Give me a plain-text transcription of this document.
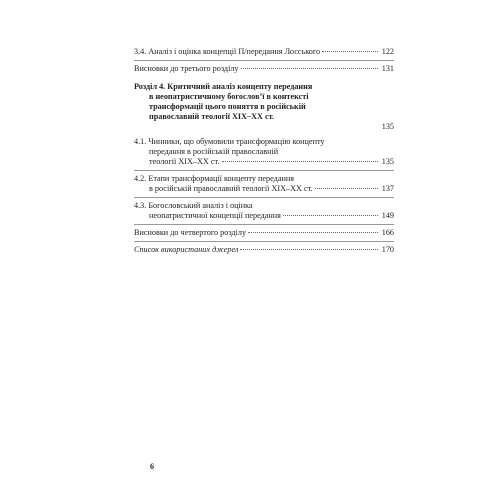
3.4. Аналіз і оцінка концепції П/передання Лосського	122
Висновки до третього розділу	131
Розділ 4. Критичний аналіз концепту передання
в неопатристичному богослов’ї в контексті
трансформації цього поняття в російській
православній теології XIX–XX ст.
135
4.1. Чинники, що обумовили трансформацію концепту
передання в російській православній
теології XIX–XX ст.	135
4.2. Етапи трансформації концепту передання
в російській православній теології XIX–XX ст.	137
4.3. Богословський аналіз і оцінка
неопатристичної концепції передання	149
Висновки до четвертого розділу	166
Список використаних джерел	170
6
